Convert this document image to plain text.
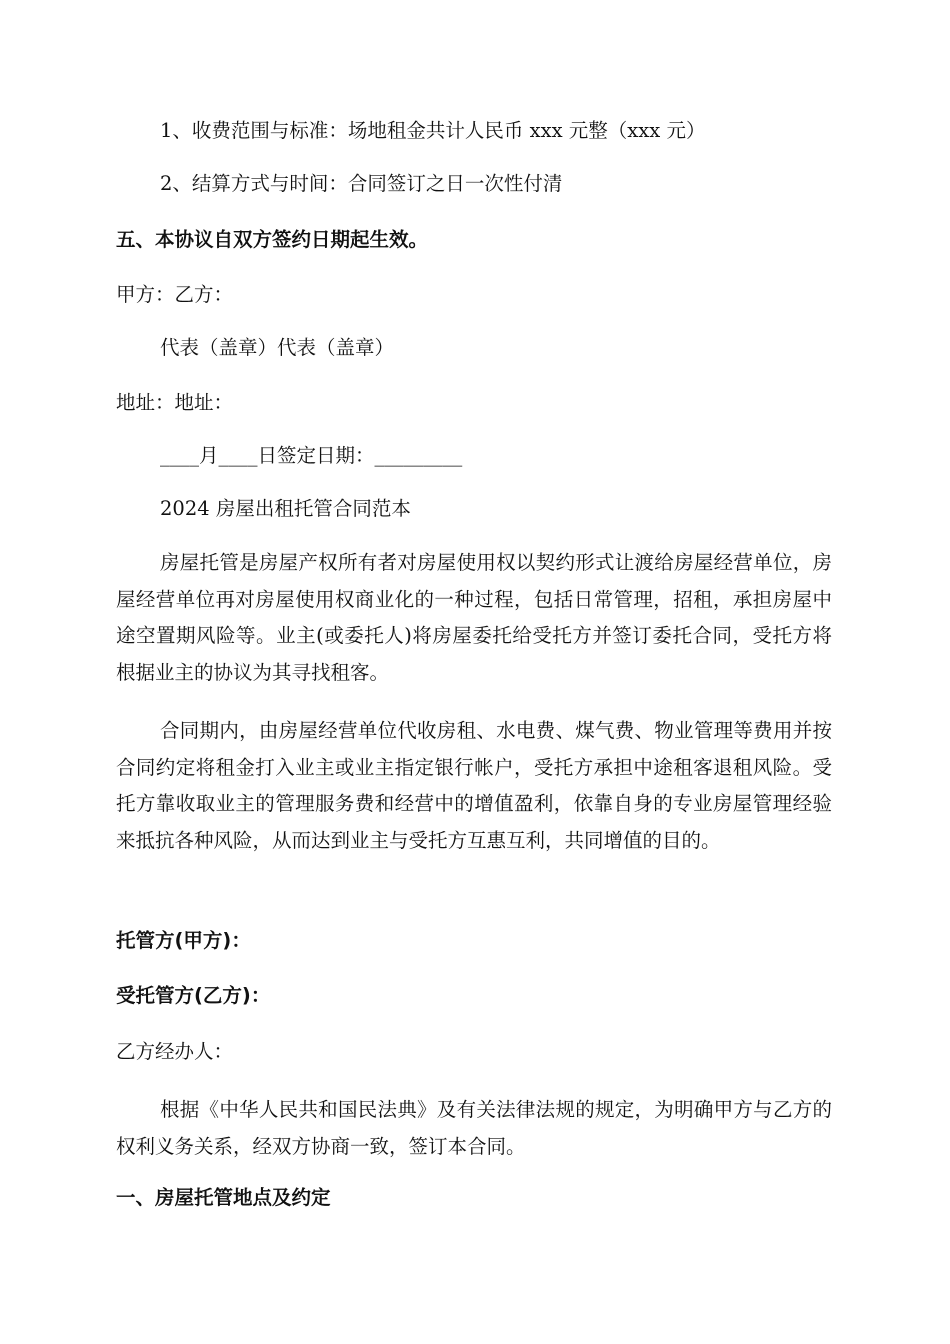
1、收费范围与标准：场地租金共计人民币 xxx 元整（xxx 元）

2、结算方式与时间：合同签订之日一次性付清

五、本协议自双方签约日期起生效。

甲方：乙方：

代表（盖章）代表（盖章）

地址：地址：

____月____日签定日期：_________

2024 房屋出租托管合同范本

房屋托管是房屋产权所有者对房屋使用权以契约形式让渡给房屋经营单位，房屋经营单位再对房屋使用权商业化的一种过程，包括日常管理，招租，承担房屋中途空置期风险等。业主(或委托人)将房屋委托给受托方并签订委托合同，受托方将根据业主的协议为其寻找租客。

合同期内，由房屋经营单位代收房租、水电费、煤气费、物业管理等费用并按合同约定将租金打入业主或业主指定银行帐户，受托方承担中途租客退租风险。受托方靠收取业主的管理服务费和经营中的增值盈利，依靠自身的专业房屋管理经验来抵抗各种风险，从而达到业主与受托方互惠互利，共同增值的目的。

托管方(甲方)：

受托管方(乙方)：

乙方经办人：

根据《中华人民共和国民法典》及有关法律法规的规定，为明确甲方与乙方的权利义务关系，经双方协商一致，签订本合同。

一、房屋托管地点及约定
